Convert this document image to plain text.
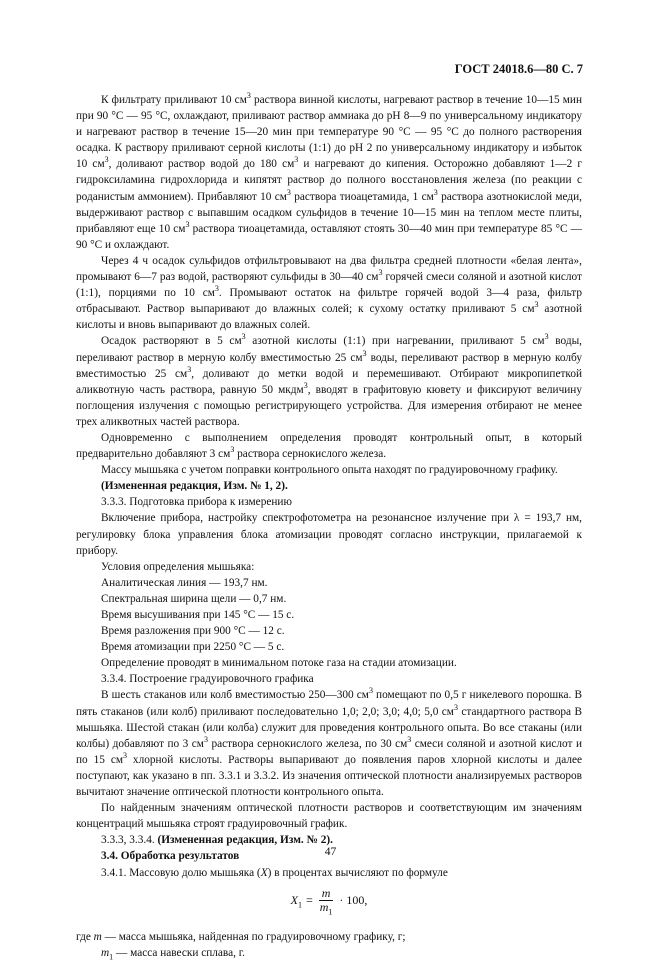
ГОСТ 24018.6—80 С. 7

К фильтрату приливают 10 $см^3$ раствора винной кислоты, нагревают раствор в течение 10—15 мин при 90 °С — 95 °С, охлаждают, приливают раствор аммиака до pH 8—9 по универсальному индикатору и нагревают раствор в течение 15—20 мин при температуре 90 °С — 95 °С до полного растворения осадка. К раствору приливают серной кислоты (1:1) до pH 2 по универсальному индикатору и избыток 10 $см^3$, доливают раствор водой до 180 $см^3$ и нагревают до кипения. Осторожно добавляют 1—2 г гидроксиламина гидрохлорида и кипятят раствор до полного восстановления железа (по реакции с роданистым аммонием). Прибавляют 10 $см^3$ раствора тиоацетамида, 1 $см^3$ раствора азотнокислой меди, выдерживают раствор с выпавшим осадком сульфидов в течение 10—15 мин на теплом месте плиты, прибавляют еще 10 $см^3$ раствора тиоацетамида, оставляют стоять 30—40 мин при температуре 85 °С — 90 °С и охлаждают.

Через 4 ч осадок сульфидов отфильтровывают на два фильтра средней плотности «белая лента», промывают 6—7 раз водой, растворяют сульфиды в 30—40 $см^3$ горячей смеси соляной и азотной кислот (1:1), порциями по 10 $см^3$. Промывают остаток на фильтре горячей водой 3—4 раза, фильтр отбрасывают. Раствор выпаривают до влажных солей; к сухому остатку приливают 5 $см^3$ азотной кислоты и вновь выпаривают до влажных солей.

Осадок растворяют в 5 $см^3$ азотной кислоты (1:1) при нагревании, приливают 5 $см^3$ воды, переливают раствор в мерную колбу вместимостью 25 $см^3$ воды, переливают раствор в мерную колбу вместимостью 25 $см^3$, доливают до метки водой и перемешивают. Отбирают микропипеткой аликвотную часть раствора, равную 50 мкдм$^3$, вводят в графитовую кювету и фиксируют величину поглощения излучения с помощью регистрирующего устройства. Для измерения отбирают не менее трех аликвотных частей раствора.

Одновременно с выполнением определения проводят контрольный опыт, в который предварительно добавляют 3 $см^3$ раствора сернокислого железа.

Массу мышьяка с учетом поправки контрольного опыта находят по градуировочному графику.

(Измененная редакция, Изм. № 1, 2).

3.3.3. Подготовка прибора к измерению

Включение прибора, настройку спектрофотометра на резонансное излучение при λ = 193,7 нм, регулировку блока управления блока атомизации проводят согласно инструкции, прилагаемой к прибору.

Условия определения мышьяка:

Аналитическая линия — 193,7 нм.

Спектральная ширина щели — 0,7 нм.

Время высушивания при 145 °С — 15 с.

Время разложения при 900 °С — 12 с.

Время атомизации при 2250 °С — 5 с.

Определение проводят в минимальном потоке газа на стадии атомизации.

3.3.4. Построение градуировочного графика

В шесть стаканов или колб вместимостью 250—300 $см^3$ помещают по 0,5 г никелевого порошка. В пять стаканов (или колб) приливают последовательно 1,0; 2,0; 3,0; 4,0; 5,0 $см^3$ стандартного раствора В мышьяка. Шестой стакан (или колба) служит для проведения контрольного опыта. Во все стаканы (или колбы) добавляют по 3 $см^3$ раствора сернокислого железа, по 30 $см^3$ смеси соляной и азотной кислот и по 15 $см^3$ хлорной кислоты. Растворы выпаривают до появления паров хлорной кислоты и далее поступают, как указано в пп. 3.3.1 и 3.3.2. Из значения оптической плотности анализируемых растворов вычитают значение оптической плотности контрольного опыта.

По найденным значениям оптической плотности растворов и соответствующим им значениям концентраций мышьяка строят градуировочный график.

3.3.3, 3.3.4. (Измененная редакция, Изм. № 2).

3.4. Обработка результатов

3.4.1. Массовую долю мышьяка (X) в процентах вычисляют по формуле

$X_1 = \frac{m}{m_1} \cdot 100$,

где m — масса мышьяка, найденная по градуировочному графику, г;

$m_1$ — масса навески сплава, г.

47
